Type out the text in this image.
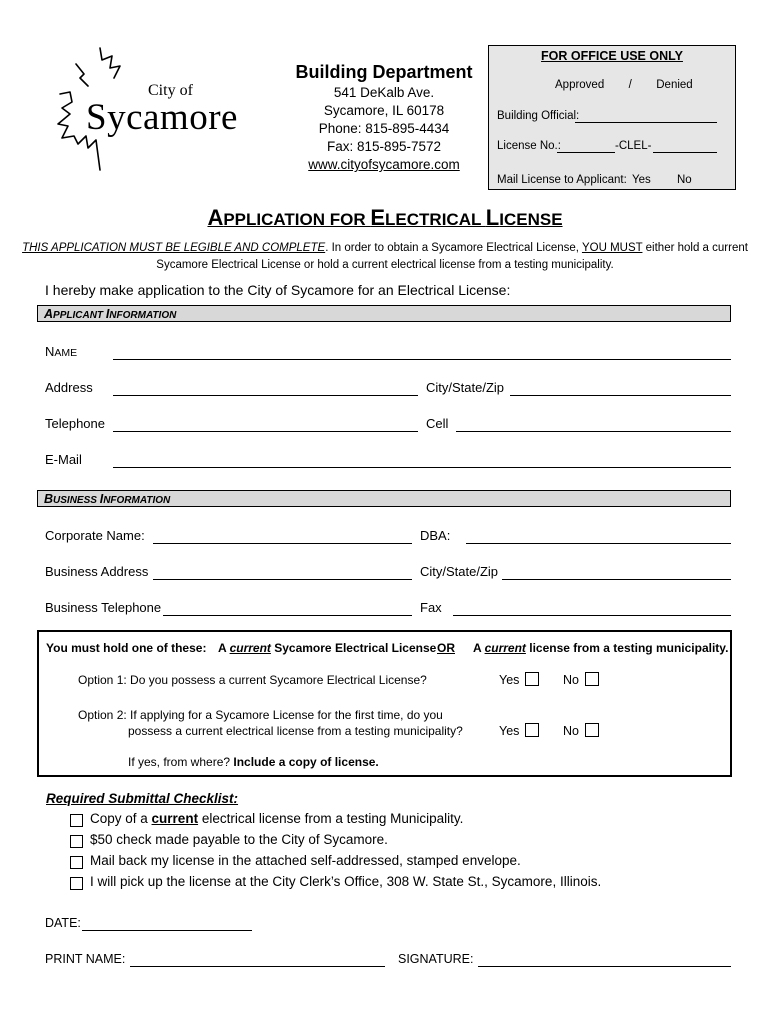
City of
Sycamore
Building Department
541 DeKalb Ave.
Sycamore, IL 60178
Phone: 815-895-4434
Fax: 815-895-7572
www.cityofsycamore.com
FOR OFFICE USE ONLY
Approved / Denied
Building Official:
License No.:	-CLEL-
Mail License to Applicant: Yes No
APPLICATION FOR ELECTRICAL LICENSE
THIS APPLICATION MUST BE LEGIBLE AND COMPLETE. In order to obtain a Sycamore Electrical License, YOU MUST either hold a current
Sycamore Electrical License or hold a current electrical license from a testing municipality.
I hereby make application to the City of Sycamore for an Electrical License:
APPLICANT INFORMATION
NAME
Address	City/State/Zip
Telephone	Cell
E-Mail
BUSINESS INFORMATION
Corporate Name:	DBA:
Business Address	City/State/Zip
Business Telephone	Fax
You must hold one of these: A current Sycamore Electrical License OR A current license from a testing municipality.
Option 1: Do you possess a current Sycamore Electrical License?	Yes	No
Option 2: If applying for a Sycamore License for the first time, do you
possess a current electrical license from a testing municipality?	Yes	No
If yes, from where? Include a copy of license.
Required Submittal Checklist:
Copy of a current electrical license from a testing Municipality.
$50 check made payable to the City of Sycamore.
Mail back my license in the attached self-addressed, stamped envelope.
I will pick up the license at the City Clerk’s Office, 308 W. State St., Sycamore, Illinois.
DATE:
PRINT NAME:	SIGNATURE:
